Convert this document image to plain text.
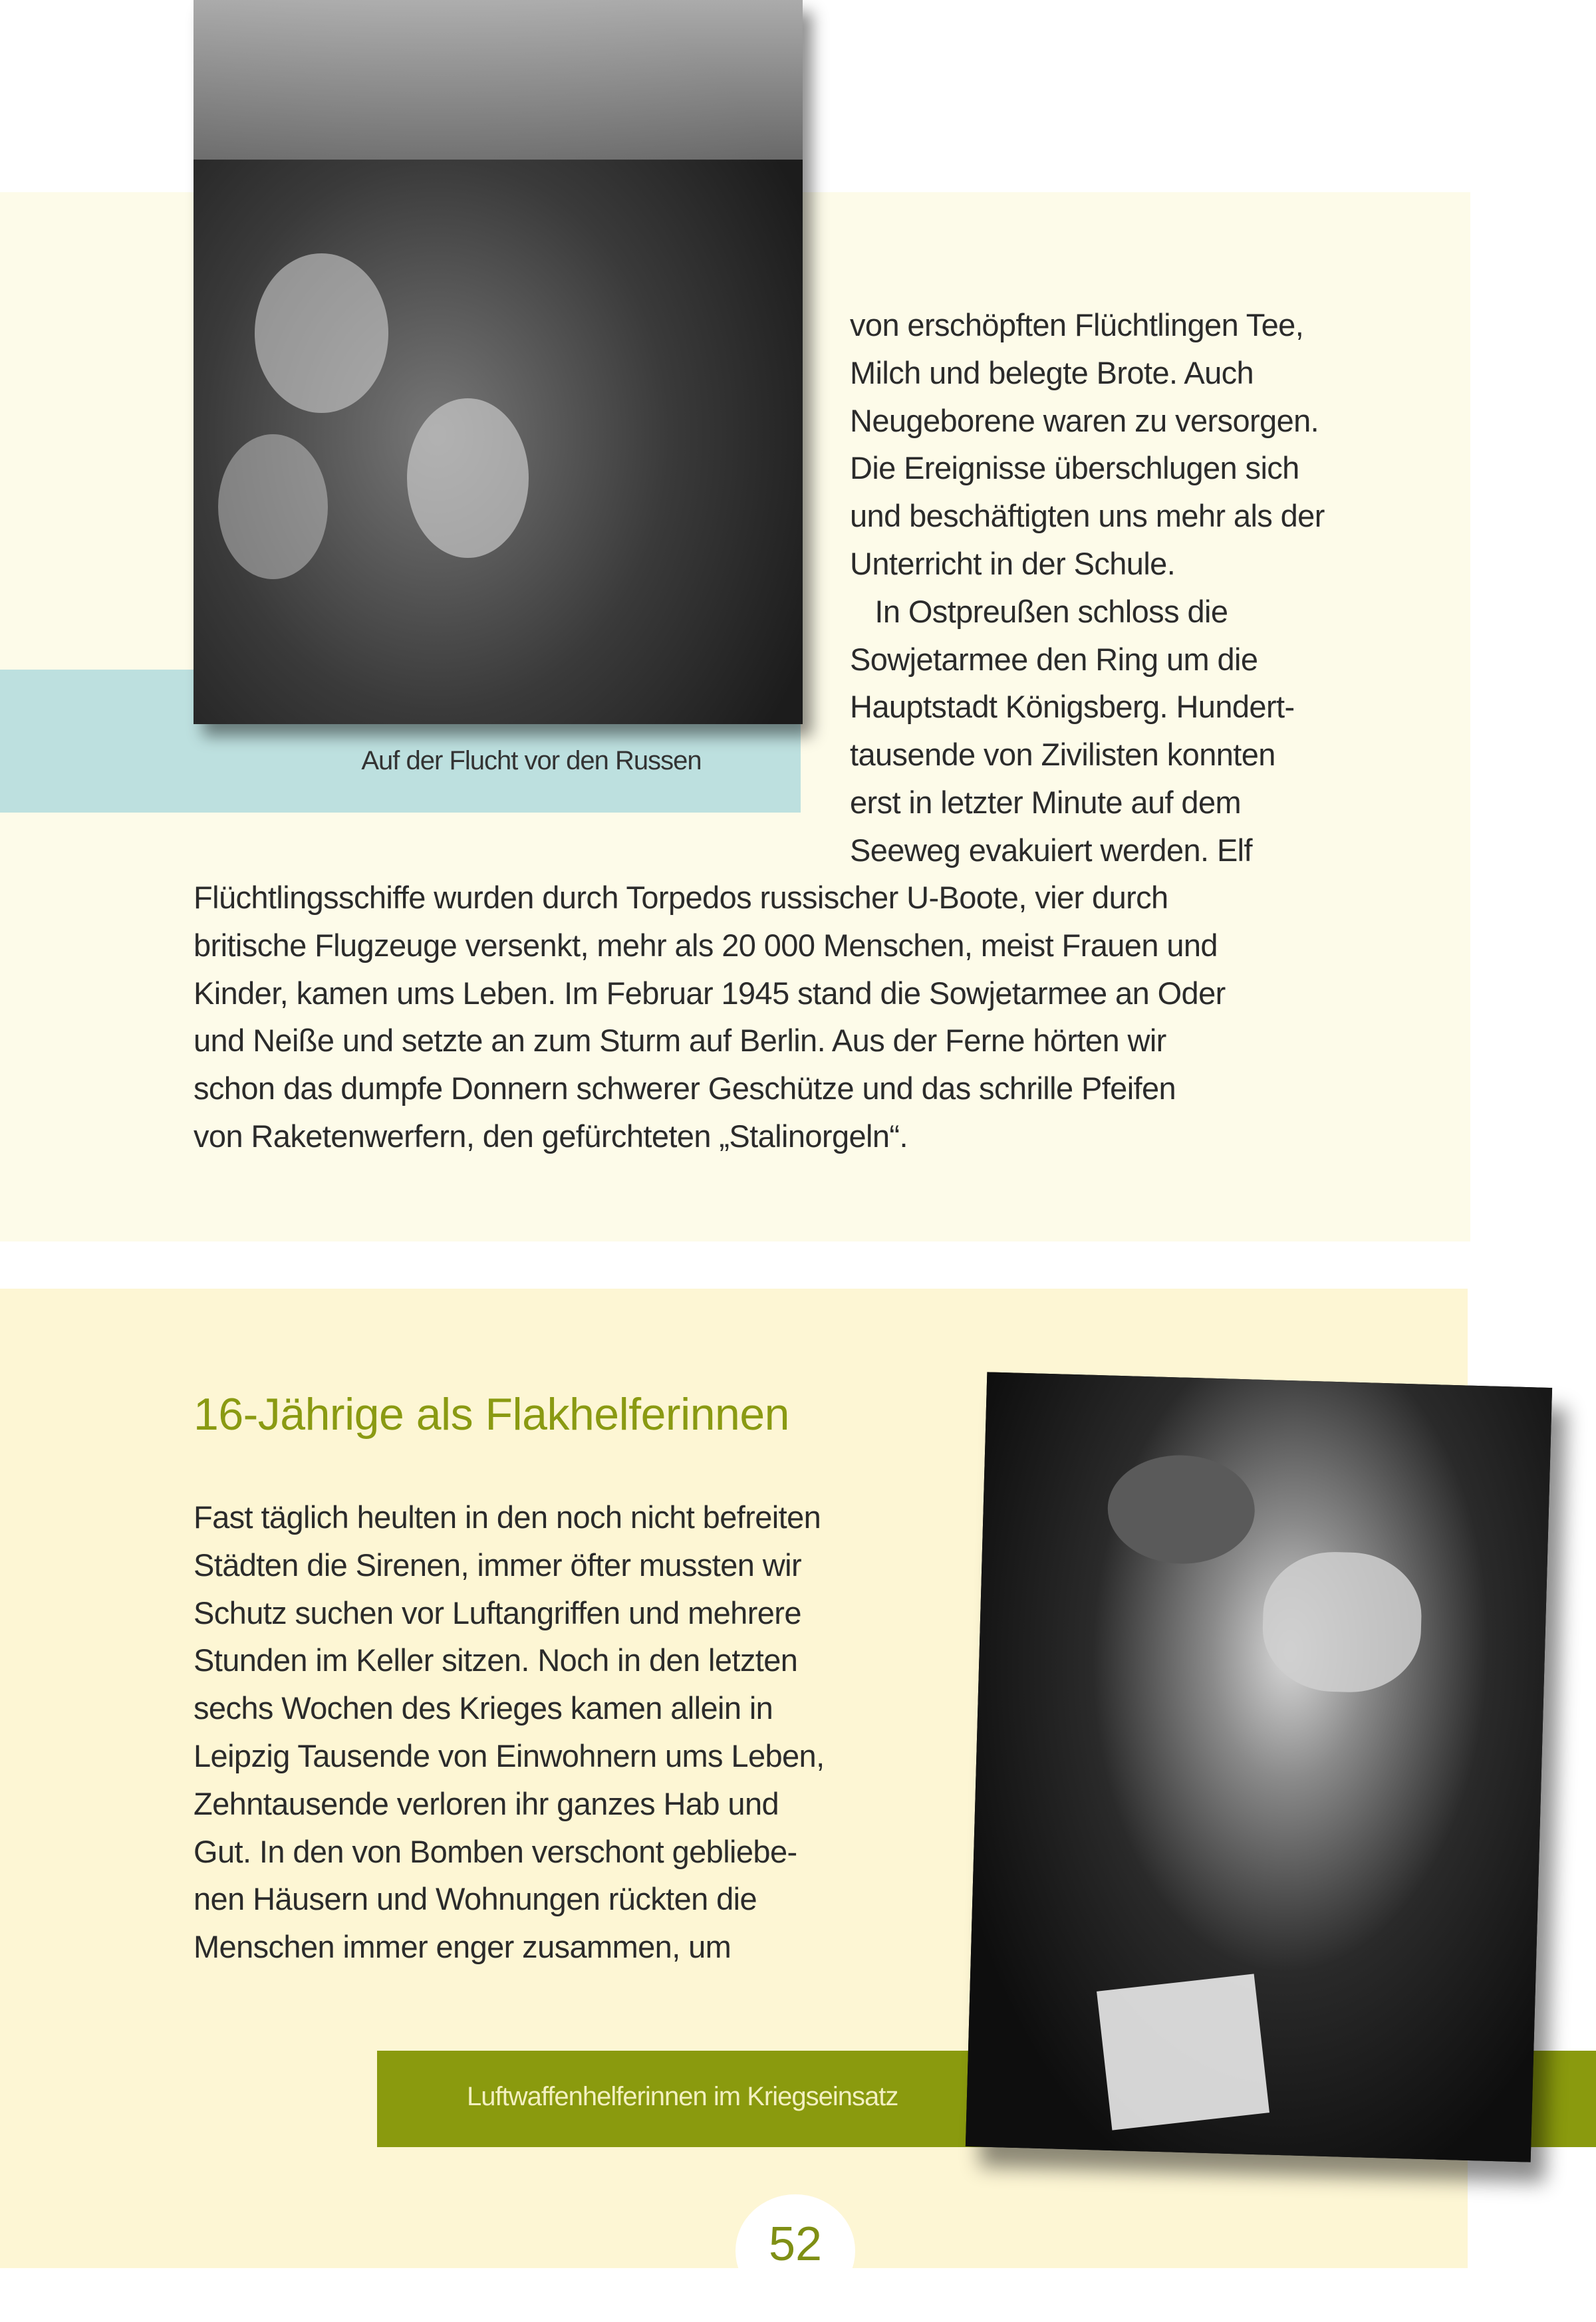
Auf der Flucht vor den Russen
von erschöpften Flüchtlingen Tee,
Milch und belegte Brote. Auch
Neugeborene waren zu versorgen.
Die Ereignisse überschlugen sich
und beschäftigten uns mehr als der
Unterricht in der Schule.
In Ostpreußen schloss die
Sowjetarmee den Ring um die
Hauptstadt Königsberg. Hundert-
tausende von Zivilisten konnten
erst in letzter Minute auf dem
Seeweg evakuiert werden. Elf
Flüchtlingsschiffe wurden durch Torpedos russischer U-Boote, vier durch
britische Flugzeuge versenkt, mehr als 20 000 Menschen, meist Frauen und
Kinder, kamen ums Leben. Im Februar 1945 stand die Sowjetarmee an Oder
und Neiße und setzte an zum Sturm auf Berlin. Aus der Ferne hörten wir
schon das dumpfe Donnern schwerer Geschütze und das schrille Pfeifen
von Raketenwerfern, den gefürchteten „Stalinorgeln“.
16-Jährige als Flakhelferinnen
Fast täglich heulten in den noch nicht befreiten
Städten die Sirenen, immer öfter mussten wir
Schutz suchen vor Luftangriffen und mehrere
Stunden im Keller sitzen. Noch in den letzten
sechs Wochen des Krieges kamen allein in
Leipzig Tausende von Einwohnern ums Leben,
Zehntausende verloren ihr ganzes Hab und
Gut. In den von Bomben verschont gebliebe-
nen Häusern und Wohnungen rückten die
Menschen immer enger zusammen, um
Luftwaffenhelferinnen im Kriegseinsatz
52
